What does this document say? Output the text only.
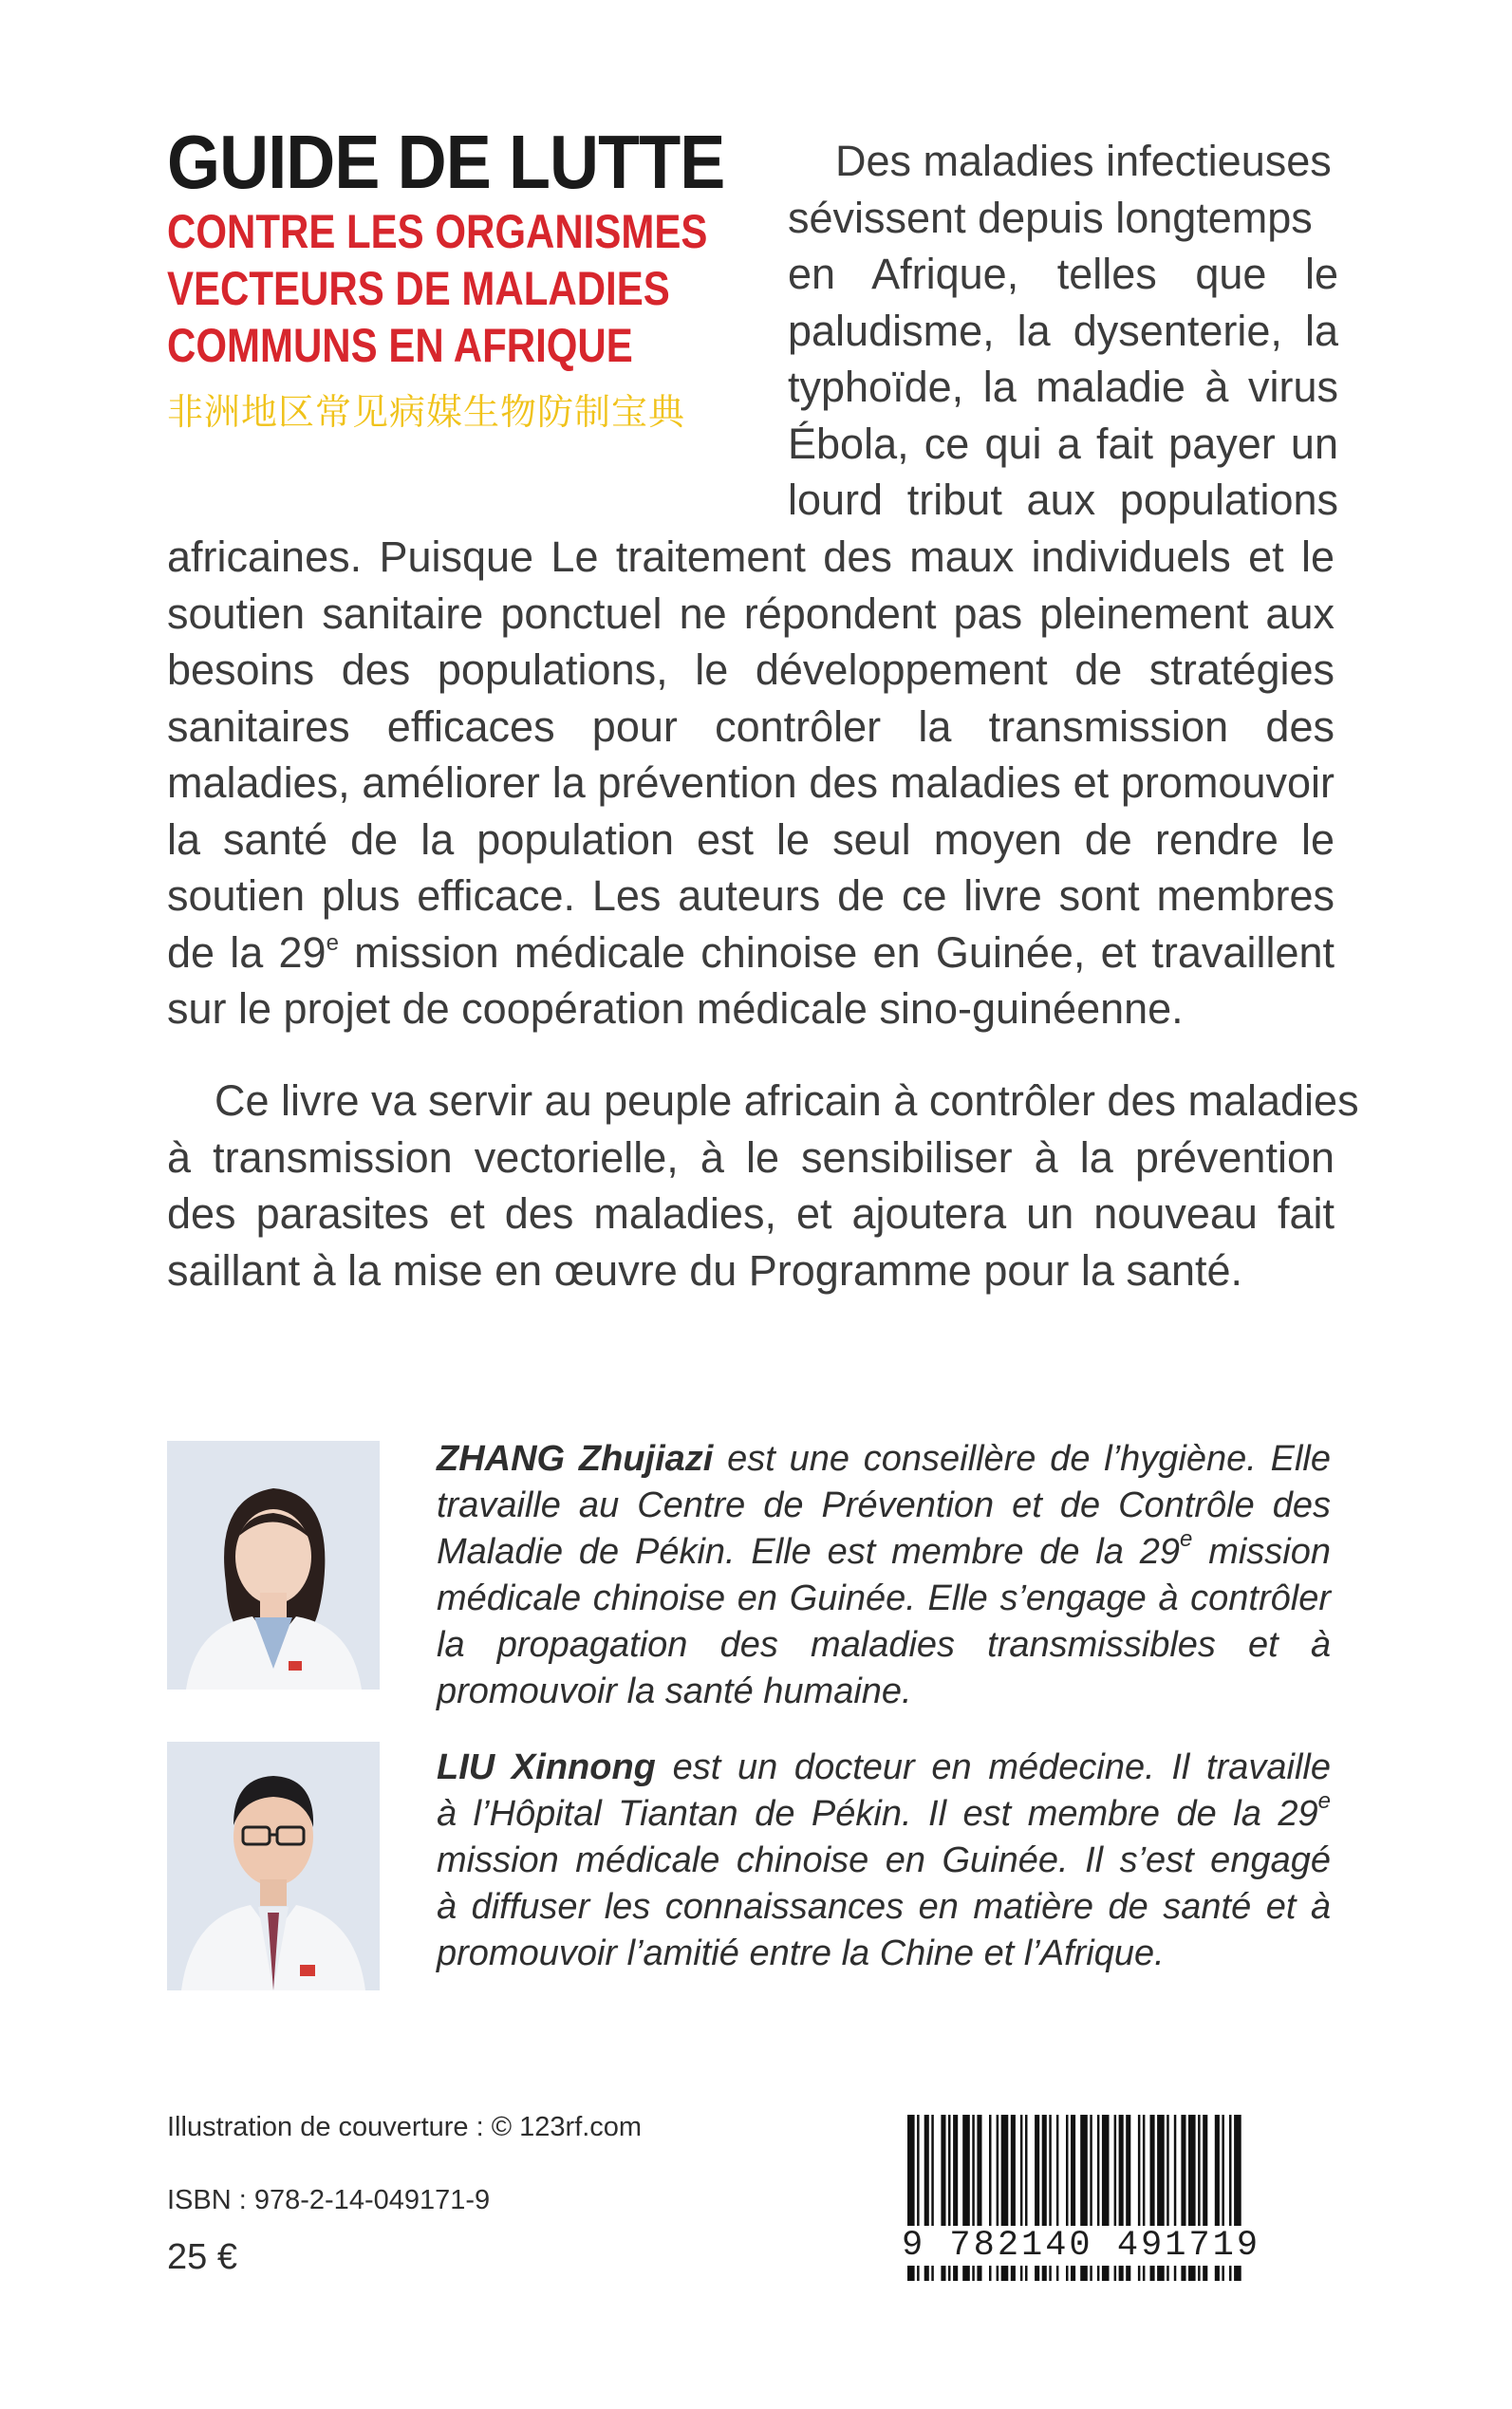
GUIDE DE LUTTE
CONTRE LES ORGANISMES
VECTEURS DE MALADIES
COMMUNS EN AFRIQUE
非洲地区常见病媒生物防制宝典
Des maladies infectieuses
sévissent depuis longtemps
en Afrique, telles que le
paludisme, la dysenterie, la
typhoïde, la maladie à virus
Ébola, ce qui a fait payer un
lourd tribut aux populations
africaines. Puisque Le traitement des maux individuels et le
soutien sanitaire ponctuel ne répondent pas pleinement aux
besoins des populations, le développement de stratégies
sanitaires efficaces pour contrôler la transmission des
maladies, améliorer la prévention des maladies et promouvoir
la santé de la population est le seul moyen de rendre le
soutien plus efficace. Les auteurs de ce livre sont membres
de la 29e mission médicale chinoise en Guinée, et travaillent
sur le projet de coopération médicale sino-guinéenne.
Ce livre va servir au peuple africain à contrôler des maladies
à transmission vectorielle, à le sensibiliser à la prévention
des parasites et des maladies, et ajoutera un nouveau fait
saillant à la mise en œuvre du Programme pour la santé.
ZHANG Zhujiazi est une conseillère de l’hygiène. Elle
travaille au Centre de Prévention et de Contrôle des
Maladie de Pékin. Elle est membre de la 29e mission
médicale chinoise en Guinée. Elle s’engage à contrôler
la propagation des maladies transmissibles et à
promouvoir la santé humaine.
LIU Xinnong est un docteur en médecine. Il travaille
à l’Hôpital Tiantan de Pékin. Il est membre de la 29e
mission médicale chinoise en Guinée. Il s’est engagé
à diffuser les connaissances en matière de santé et à
promouvoir l’amitié entre la Chine et l’Afrique.
Illustration de couverture : © 123rf.com
ISBN : 978-2-14-049171-9
25 €	9 782140 491719
